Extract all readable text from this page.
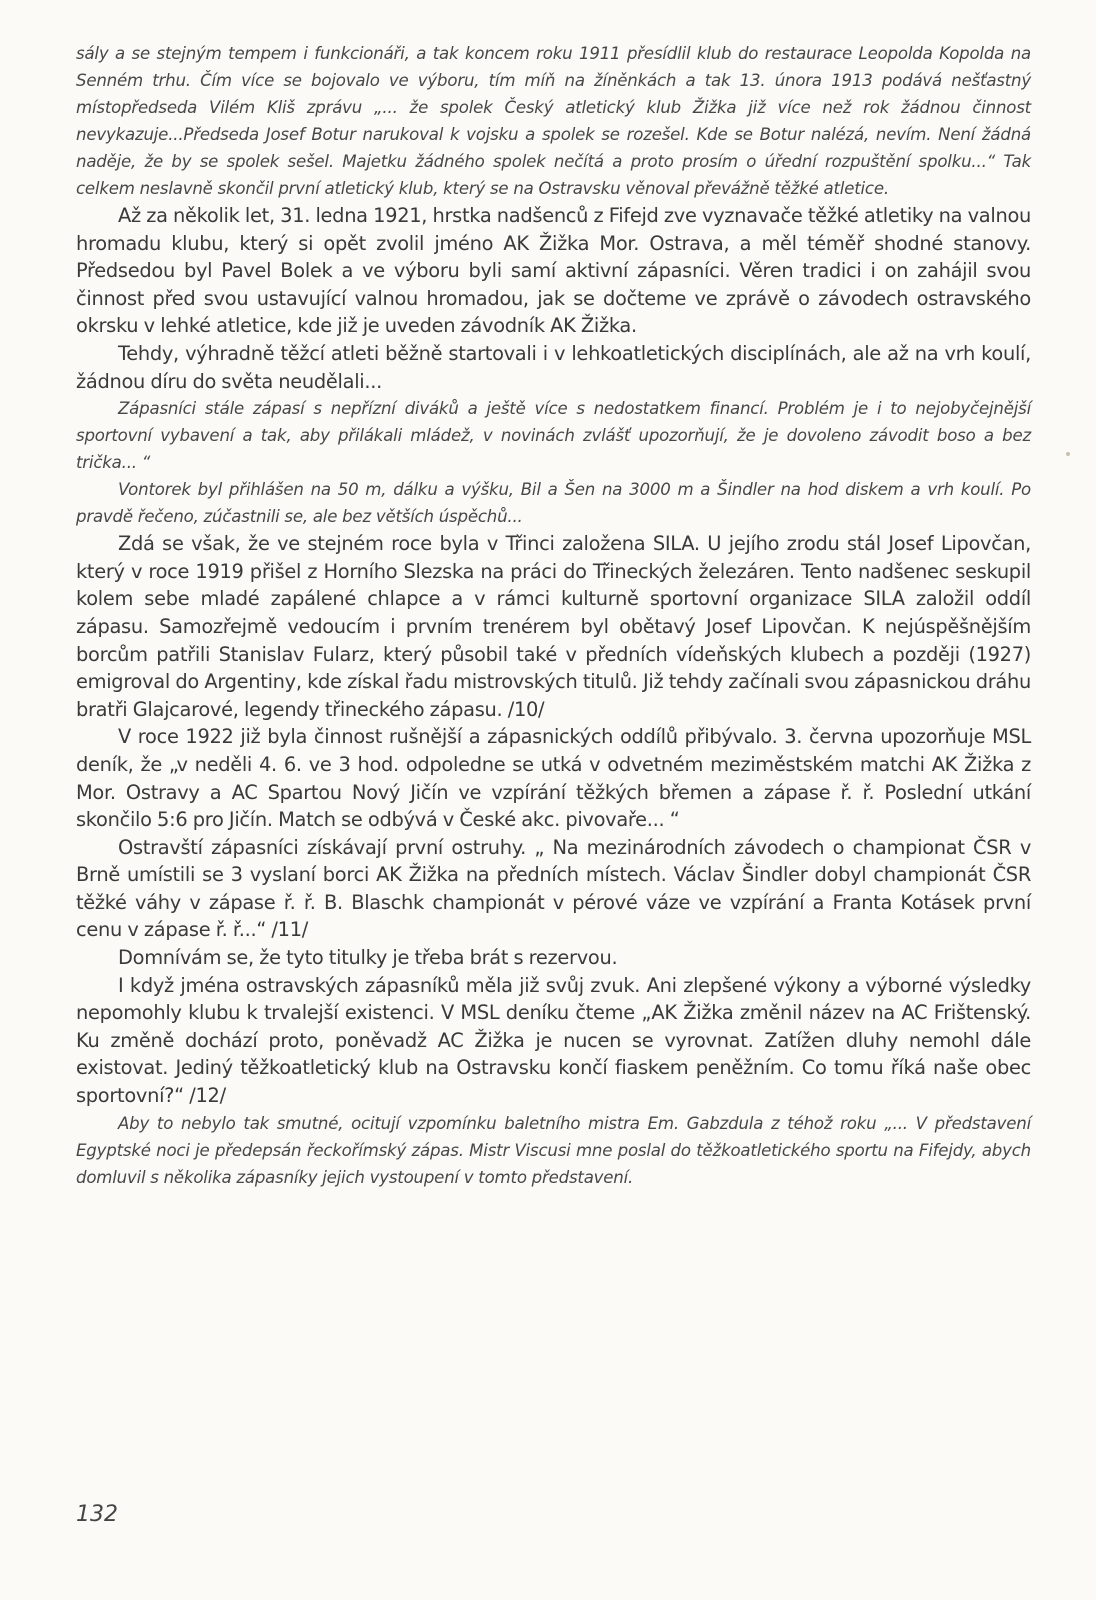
sály a se stejným tempem i funkcionáři, a tak koncem roku 1911 přesídlil klub do restaurace Leopolda Kopolda na Senném trhu. Čím více se bojovalo ve výboru, tím míň na žíněnkách a tak 13. února 1913 podává nešťastný místopředseda Vilém Kliš zprávu „... že spolek Český atletický klub Žižka již více než rok žádnou činnost nevykazuje...Předseda Josef Botur narukoval k vojsku a spolek se rozešel. Kde se Botur nalézá, nevím. Není žádná naděje, že by se spolek sešel. Majetku žádného spolek nečítá a proto prosím o úřední rozpuštění spolku...“ Tak celkem neslavně skončil první atletický klub, který se na Ostravsku věnoval převážně těžké atletice.

Až za několik let, 31. ledna 1921, hrstka nadšenců z Fifejd zve vyznavače těžké atletiky na valnou hromadu klubu, který si opět zvolil jméno AK Žižka Mor. Ostrava, a měl téměř shodné stanovy. Předsedou byl Pavel Bolek a ve výboru byli samí aktivní zápasníci. Věren tradici i on zahájil svou činnost před svou ustavující valnou hromadou, jak se dočteme ve zprávě o závodech ostravského okrsku v lehké atletice, kde již je uveden závodník AK Žižka.

Tehdy, výhradně těžcí atleti běžně startovali i v lehkoatletických disciplínách, ale až na vrh koulí, žádnou díru do světa neudělali...

Zápasníci stále zápasí s nepřízní diváků a ještě více s nedostatkem financí. Problém je i to nejobyčejnější sportovní vybavení a tak, aby přilákali mládež, v novinách zvlášť upozorňují, že je dovoleno závodit boso a bez trička... “

Vontorek byl přihlášen na 50 m, dálku a výšku, Bil a Šen na 3000 m a Šindler na hod diskem a vrh koulí. Po pravdě řečeno, zúčastnili se, ale bez větších úspěchů...

Zdá se však, že ve stejném roce byla v Třinci založena SILA. U jejího zrodu stál Josef Lipovčan, který v roce 1919 přišel z Horního Slezska na práci do Třineckých železáren. Tento nadšenec seskupil kolem sebe mladé zapálené chlapce a v rámci kulturně sportovní organizace SILA založil oddíl zápasu. Samozřejmě vedoucím i prvním trenérem byl obětavý Josef Lipovčan. K nejúspěšnějším borcům patřili Stanislav Fularz, který působil také v předních vídeňských klubech a později (1927) emigroval do Argentiny, kde získal řadu mistrovských titulů. Již tehdy začínali svou zápasnickou dráhu bratři Glajcarové, legendy třineckého zápasu. /10/

V roce 1922 již byla činnost rušnější a zápasnických oddílů přibývalo. 3. června upozorňuje MSL deník, že „v neděli 4. 6. ve 3 hod. odpoledne se utká v odvetném meziměstském matchi AK Žižka z Mor. Ostravy a AC Spartou Nový Jičín ve vzpírání těžkých břemen a zápase ř. ř. Poslední utkání skončilo 5:6 pro Jičín. Match se odbývá v České akc. pivovaře... “

Ostravští zápasníci získávají první ostruhy. „ Na mezinárodních závodech o championat ČSR v Brně umístili se 3 vyslaní borci AK Žižka na předních místech. Václav Šindler dobyl championát ČSR těžké váhy v zápase ř. ř. B. Blaschk championát v pérové váze ve vzpírání a Franta Kotásek první cenu v zápase ř. ř...“ /11/

Domnívám se, že tyto titulky je třeba brát s rezervou.

I když jména ostravských zápasníků měla již svůj zvuk. Ani zlepšené výkony a výborné výsledky nepomohly klubu k trvalejší existenci. V MSL deníku čteme „AK Žižka změnil název na AC Frištenský. Ku změně dochází proto, poněvadž AC Žižka je nucen se vyrovnat. Zatížen dluhy nemohl dále existovat. Jediný těžkoatletický klub na Ostravsku končí fiaskem peněžním. Co tomu říká naše obec sportovní?“ /12/

Aby to nebylo tak smutné, ocitují vzpomínku baletního mistra Em. Gabzdula z téhož roku „... V představení Egyptské noci je předepsán řeckořímský zápas. Mistr Viscusi mne poslal do těžkoatletického sportu na Fifejdy, abych domluvil s několika zápasníky jejich vystoupení v tomto představení.

132
